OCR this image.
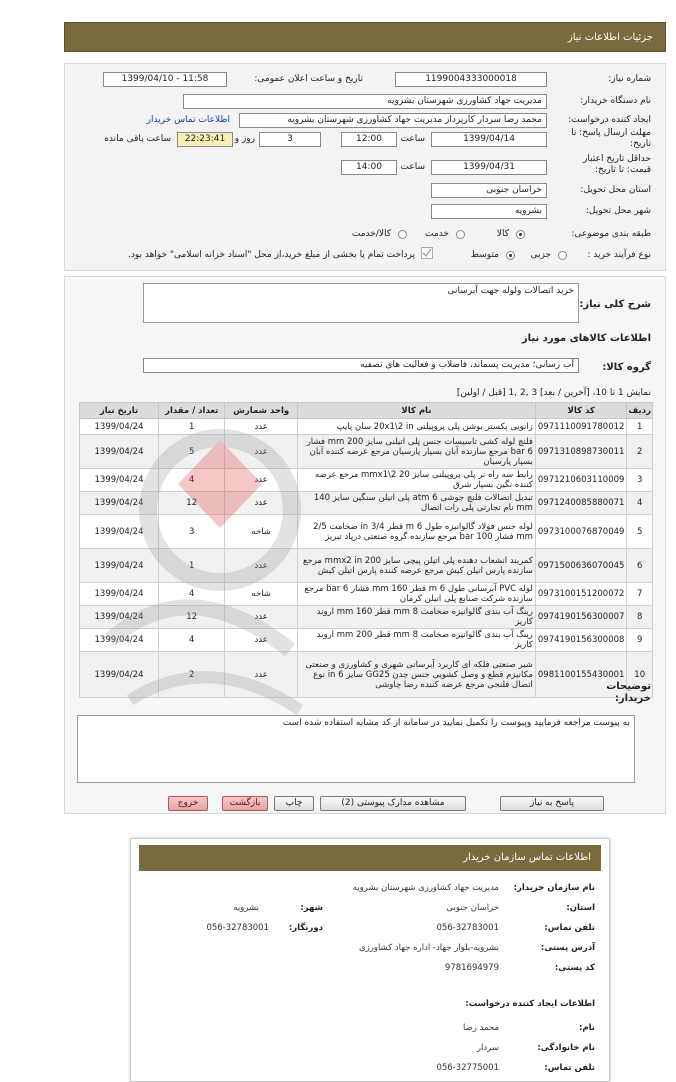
جزئیات اطلاعات نیاز
شماره نیاز:
1199004333000018
تاریخ و ساعت اعلان عمومی:
1399/04/10 - 11:58
نام دستگاه خریدار:
مدیریت جهاد کشاورزی شهرستان بشرویه
ایجاد کننده درخواست:
محمد رضا سردار کارپرداز مدیریت جهاد کشاورزی شهرستان بشرویه
اطلاعات تماس خریدار
مهلت ارسال پاسخ: تا تاریخ:
1399/04/14
ساعت
12:00
3
روز و
22:23:41
ساعت باقی مانده
حداقل تاریخ اعتبار قیمت: تا تاریخ:
1399/04/31
ساعت
14:00
استان محل تحویل:
خراسان جنوبی
شهر محل تحویل:
بشرویه
طبقه بندی موضوعی:
کالا
خدمت
کالا/خدمت
نوع فرآیند خرید :
جزیی
متوسط
پرداخت تمام یا بخشی از مبلغ خرید،از محل "اسناد خزانه اسلامی" خواهد بود.
شرح کلی نیاز:
خرید اتصالات ولوله جهت آبرسانی
اطلاعات کالاهای مورد نیاز
گروه کالا:
آب رسانی؛ مدیریت پسماند، فاضلاب و فعالیت های تصفیه
نمایش 1 تا 10، [آخرین / بعد] 3 ,2 ,1 [قبل / اولین]
ردیف	کد کالا	نام کالا	واحد شمارش	تعداد / مقدار	تاریخ نیاز
1	0971110091780012	زانویی پکستر بوشن پلی پروپیلنی 20x1\2 in سان پایپ	عدد	1	1399/04/24
2	0971310898730011	فلنچ لوله کشی تاسیسات جنس پلی اتیلنی سایز 200 mm فشار 6 bar مرجع سازنده آبان بسپار پارسیان مرجع عرضه کننده آبان بسپار پارسیان	عدد	5	1399/04/24
3	0971210603110009	رابط سه راه نر پلی پروپیلنی سایز 20 mmx1\2 مرجع عرضه کننده نگین بسپار شرق	عدد	4	1399/04/24
4	0971240085880071	تبدیل اتصالات فلنچ جوشی 6 atm پلی اتیلن سنگین سایز 140 mm نام تجارتی پلی رات اتصال	عدد	12	1399/04/24
5	0973100076870049	لوله جنس فولاد گالوانیزه طول 6 m قطر 3/4 in ضخامت 2/5 mm فشار 100 bar مرجع سازنده گروه صنعتی درپاد تبریز	شاخه	3	1399/04/24
6	0971500636070045	کمربند انشعاب دهنده پلی اتیلن پیچی سایز 200 mmx2 in مرجع سازنده پارس اتیلن کیش مرجع عرضه کننده پارس اتیلن کیش	عدد	1	1399/04/24
7	0973100151200072	لوله PVC آبرسانی طول 6 m قطر 160 mm فشار 6 bar مرجع سازنده شرکت صنایع پلی اتیلن کرمان	شاخه	4	1399/04/24
8	0974190156300007	رینگ آب بندی گالوانیزه ضخامت 8 mm قطر 160 mm اروند کاریز	عدد	12	1399/04/24
9	0974190156300008	رینگ آب بندی گالوانیزه ضخامت 8 mm قطر 200 mm اروند کاریز	عدد	4	1399/04/24
10	0981100155430001	شیر صنعتی فلکه ای کاربرد آبرسانی شهری و کشاورزی و صنعتی مکانیزم قطع و وصل کشویی جنس چدن GG25 سایز 6 in نوع اتصال فلنجی مرجع عرضه کننده رضا چاوشی	عدد	2	1399/04/24
توضیحات خریدار:
به پیوست مراجعه فرمایید وپیوست را تکمیل نمایید در سامانه از کد مشابه استفاده شده است
پاسخ به نیاز
مشاهده مدارک پیوستی (2)
چاپ
بازگشت
خروج
اطلاعات تماس سازمان خریدار
نام سازمان خریدار:
مدیریت جهاد کشاورزی شهرستان بشرویه
استان:
خراسان جنوبی
شهر:
بشرویه
تلفن تماس:
056-32783001
دورنگار:
056-32783001
آدرس پستی:
بشرویه-بلوار جهاد- اداره جهاد کشاورزی
کد پستی:
9781694979
اطلاعات ایجاد کننده درخواست:
نام:
محمد رضا
نام خانوادگی:
سردار
تلفن تماس:
056-32775001
